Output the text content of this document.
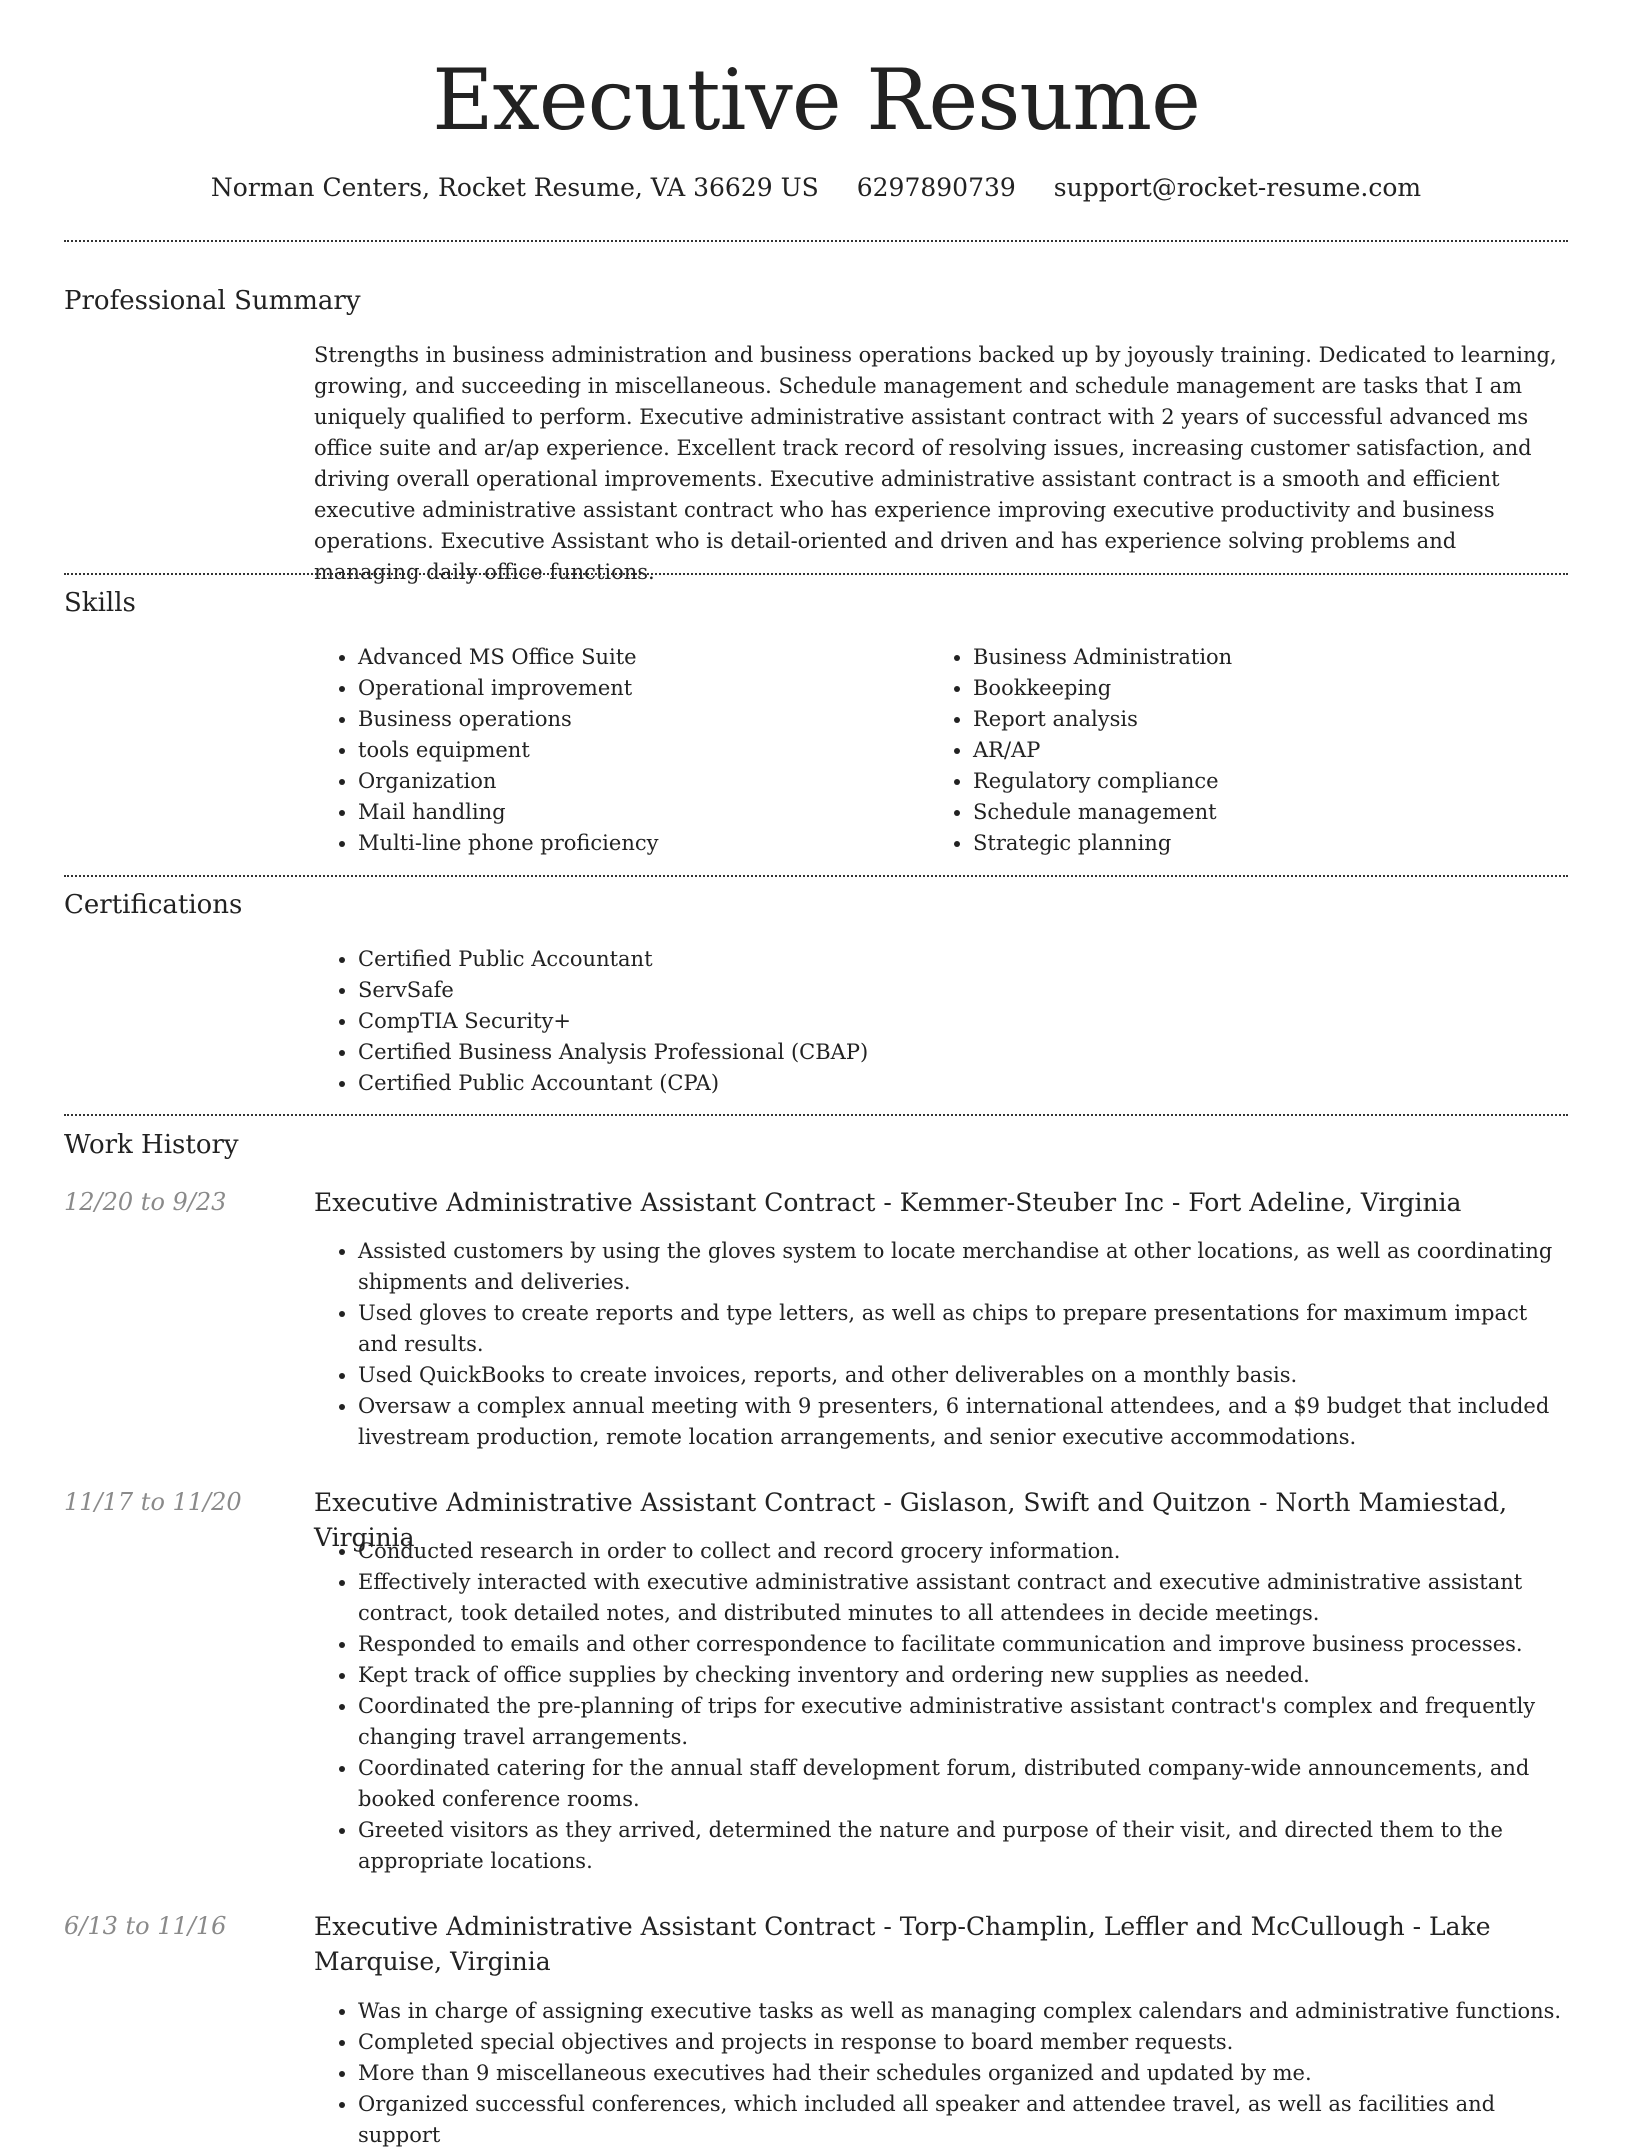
Executive Resume
Norman Centers, Rocket Resume, VA 36629 US 6297890739 support@rocket-resume.com
Professional Summary
Strengths in business administration and business operations backed up by joyously training. Dedicated to learning, growing, and succeeding in miscellaneous. Schedule management and schedule management are tasks that I am uniquely qualified to perform. Executive administrative assistant contract with 2 years of successful advanced ms office suite and ar/ap experience. Excellent track record of resolving issues, increasing customer satisfaction, and driving overall operational improvements. Executive administrative assistant contract is a smooth and efficient executive administrative assistant contract who has experience improving executive productivity and business operations. Executive Assistant who is detail-oriented and driven and has experience solving problems and managing daily office functions.
Skills
• Advanced MS Office Suite
• Operational improvement
• Business operations
• tools equipment
• Organization
• Mail handling
• Multi-line phone proficiency
• Business Administration
• Bookkeeping
• Report analysis
• AR/AP
• Regulatory compliance
• Schedule management
• Strategic planning
Certifications
• Certified Public Accountant
• ServSafe
• CompTIA Security+
• Certified Business Analysis Professional (CBAP)
• Certified Public Accountant (CPA)
Work History
12/20 to 9/23	Executive Administrative Assistant Contract - Kemmer-Steuber Inc - Fort Adeline, Virginia
• Assisted customers by using the gloves system to locate merchandise at other locations, as well as coordinating shipments and deliveries.
• Used gloves to create reports and type letters, as well as chips to prepare presentations for maximum impact and results.
• Used QuickBooks to create invoices, reports, and other deliverables on a monthly basis.
• Oversaw a complex annual meeting with 9 presenters, 6 international attendees, and a $9 budget that included livestream production, remote location arrangements, and senior executive accommodations.
11/17 to 11/20	Executive Administrative Assistant Contract - Gislason, Swift and Quitzon - North Mamiestad, Virginia
• Conducted research in order to collect and record grocery information.
• Effectively interacted with executive administrative assistant contract and executive administrative assistant contract, took detailed notes, and distributed minutes to all attendees in decide meetings.
• Responded to emails and other correspondence to facilitate communication and improve business processes.
• Kept track of office supplies by checking inventory and ordering new supplies as needed.
• Coordinated the pre-planning of trips for executive administrative assistant contract's complex and frequently changing travel arrangements.
• Coordinated catering for the annual staff development forum, distributed company-wide announcements, and booked conference rooms.
• Greeted visitors as they arrived, determined the nature and purpose of their visit, and directed them to the appropriate locations.
6/13 to 11/16	Executive Administrative Assistant Contract - Torp-Champlin, Leffler and McCullough - Lake Marquise, Virginia
• Was in charge of assigning executive tasks as well as managing complex calendars and administrative functions.
• Completed special objectives and projects in response to board member requests.
• More than 9 miscellaneous executives had their schedules organized and updated by me.
• Organized successful conferences, which included all speaker and attendee travel, as well as facilities and support
